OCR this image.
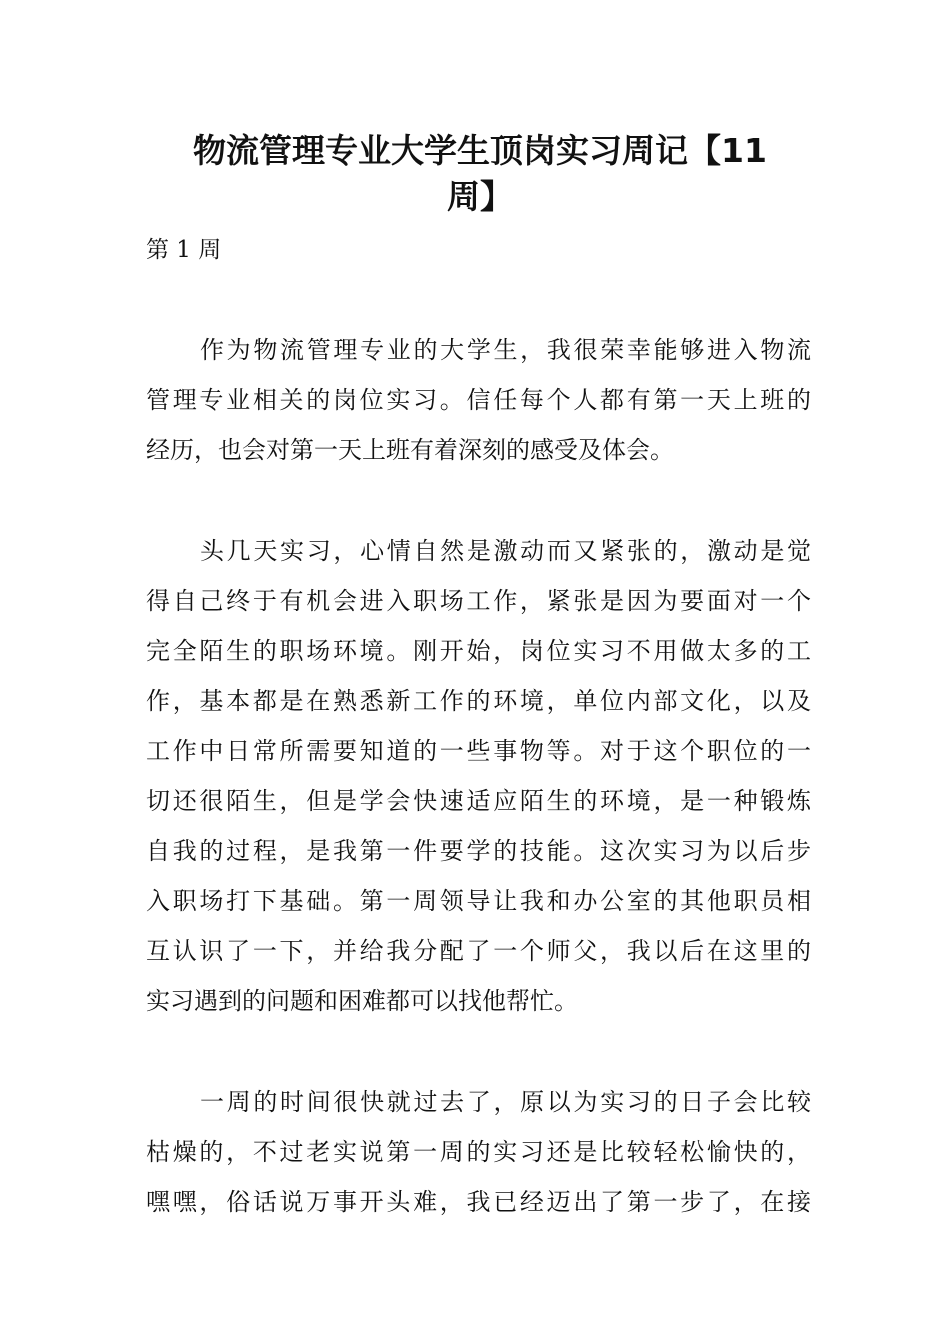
物流管理专业大学生顶岗实习周记【11
周】
第 1 周
作为物流管理专业的大学生，我很荣幸能够进入物流
管理专业相关的岗位实习。信任每个人都有第一天上班的
经历，也会对第一天上班有着深刻的感受及体会。
头几天实习，心情自然是激动而又紧张的，激动是觉
得自己终于有机会进入职场工作，紧张是因为要面对一个
完全陌生的职场环境。刚开始，岗位实习不用做太多的工
作，基本都是在熟悉新工作的环境，单位内部文化，以及
工作中日常所需要知道的一些事物等。对于这个职位的一
切还很陌生，但是学会快速适应陌生的环境，是一种锻炼
自我的过程，是我第一件要学的技能。这次实习为以后步
入职场打下基础。第一周领导让我和办公室的其他职员相
互认识了一下，并给我分配了一个师父，我以后在这里的
实习遇到的问题和困难都可以找他帮忙。
一周的时间很快就过去了，原以为实习的日子会比较
枯燥的，不过老实说第一周的实习还是比较轻松愉快的，
嘿嘿，俗话说万事开头难，我已经迈出了第一步了，在接
